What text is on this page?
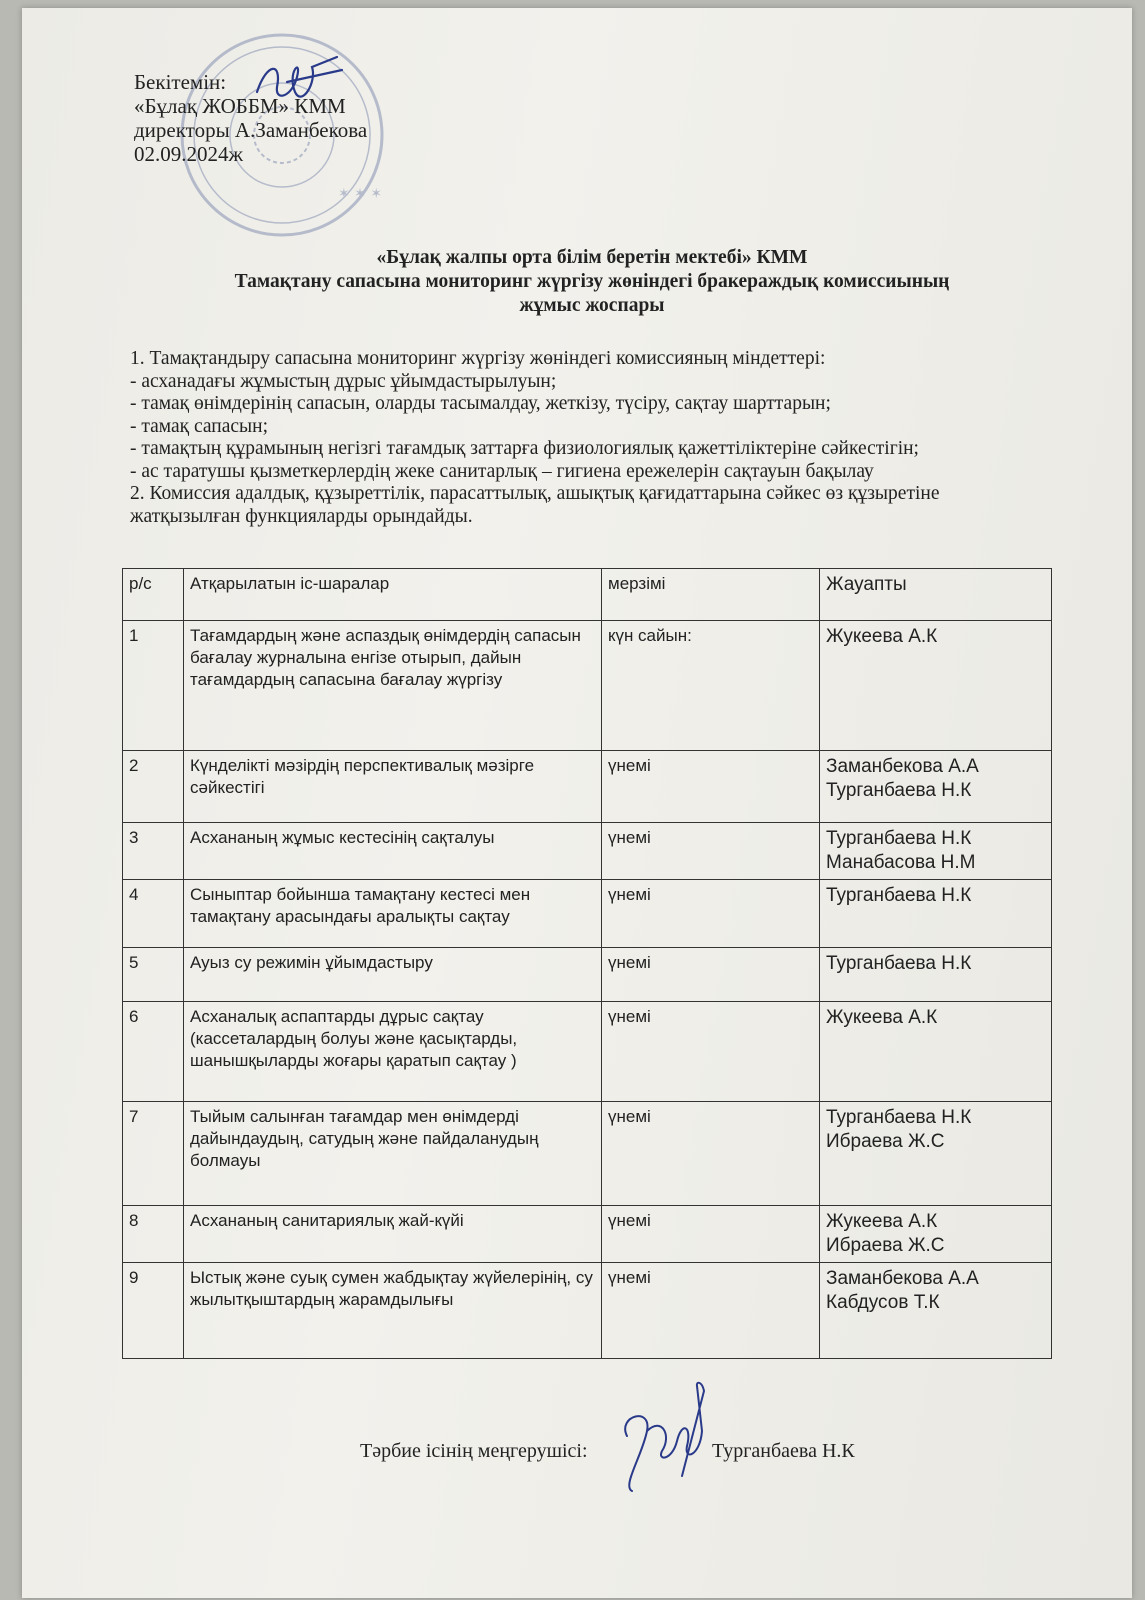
✶ ✶ ✶
Бекітемін:
«Бұлақ ЖОББМ» КММ
директоры А.Заманбекова
02.09.2024ж
«Бұлақ жалпы орта білім беретін мектебі» КММ
Тамақтану сапасына мониторинг жүргізу жөніндегі бракераждық комиссиының
жұмыс жоспары
1. Тамақтандыру сапасына мониторинг жүргізу жөніндегі комиссияның міндеттері:
- асханадағы жұмыстың дұрыс ұйымдастырылуын;
- тамақ өнімдерінің сапасын, оларды тасымалдау, жеткізу, түсіру, сақтау шарттарын;
- тамақ сапасын;
- тамақтың құрамының негізгі тағамдық заттарға физиологиялық қажеттіліктеріне сәйкестігін;
- ас таратушы қызметкерлердің жеке санитарлық – гигиена ережелерін сақтауын бақылау
2. Комиссия адалдық, құзыреттілік, парасаттылық, ашықтық қағидаттарына сәйкес өз құзыретіне
жатқызылған функцияларды орындайды.
р/с	Атқарылатын іс-шаралар	мерзімі	Жауапты
1	Тағамдардың және аспаздық өнімдердің сапасын бағалау журналына енгізе отырып, дайын тағамдардың сапасына бағалау жүргізу	күн сайын:	Жукеева А.К

2	Күнделікті мәзірдің перспективалық мәзірге сәйкестігі	үнемі	Заманбекова А.А
Турганбаева Н.К

3	Асхананың жұмыс кестесінің сақталуы	үнемі	Турганбаева Н.К
Манабасова Н.М

4	Сыныптар бойынша тамақтану кестесі мен тамақтану арасындағы аралықты сақтау	үнемі	Турганбаева Н.К

5	Ауыз су режимін ұйымдастыру	үнемі	Турганбаева Н.К

6	Асханалық аспаптарды дұрыс сақтау (кассеталардың болуы және қасықтарды, шанышқыларды жоғары қаратып сақтау )	үнемі	Жукеева А.К

7	Тыйым салынған тағамдар мен өнімдерді дайындаудың, сатудың және пайдаланудың болмауы	үнемі	Турганбаева Н.К
Ибраева Ж.С

8	Асхананың санитариялық жай-күйі	үнемі	Жукеева А.К
Ибраева Ж.С

9	Ыстық және суық сумен жабдықтау жүйелерінің, су жылытқыштардың жарамдылығы	үнемі	Заманбекова А.А
Кабдусов Т.К
Тәрбие ісінің меңгерушісі:	Турганбаева Н.К
